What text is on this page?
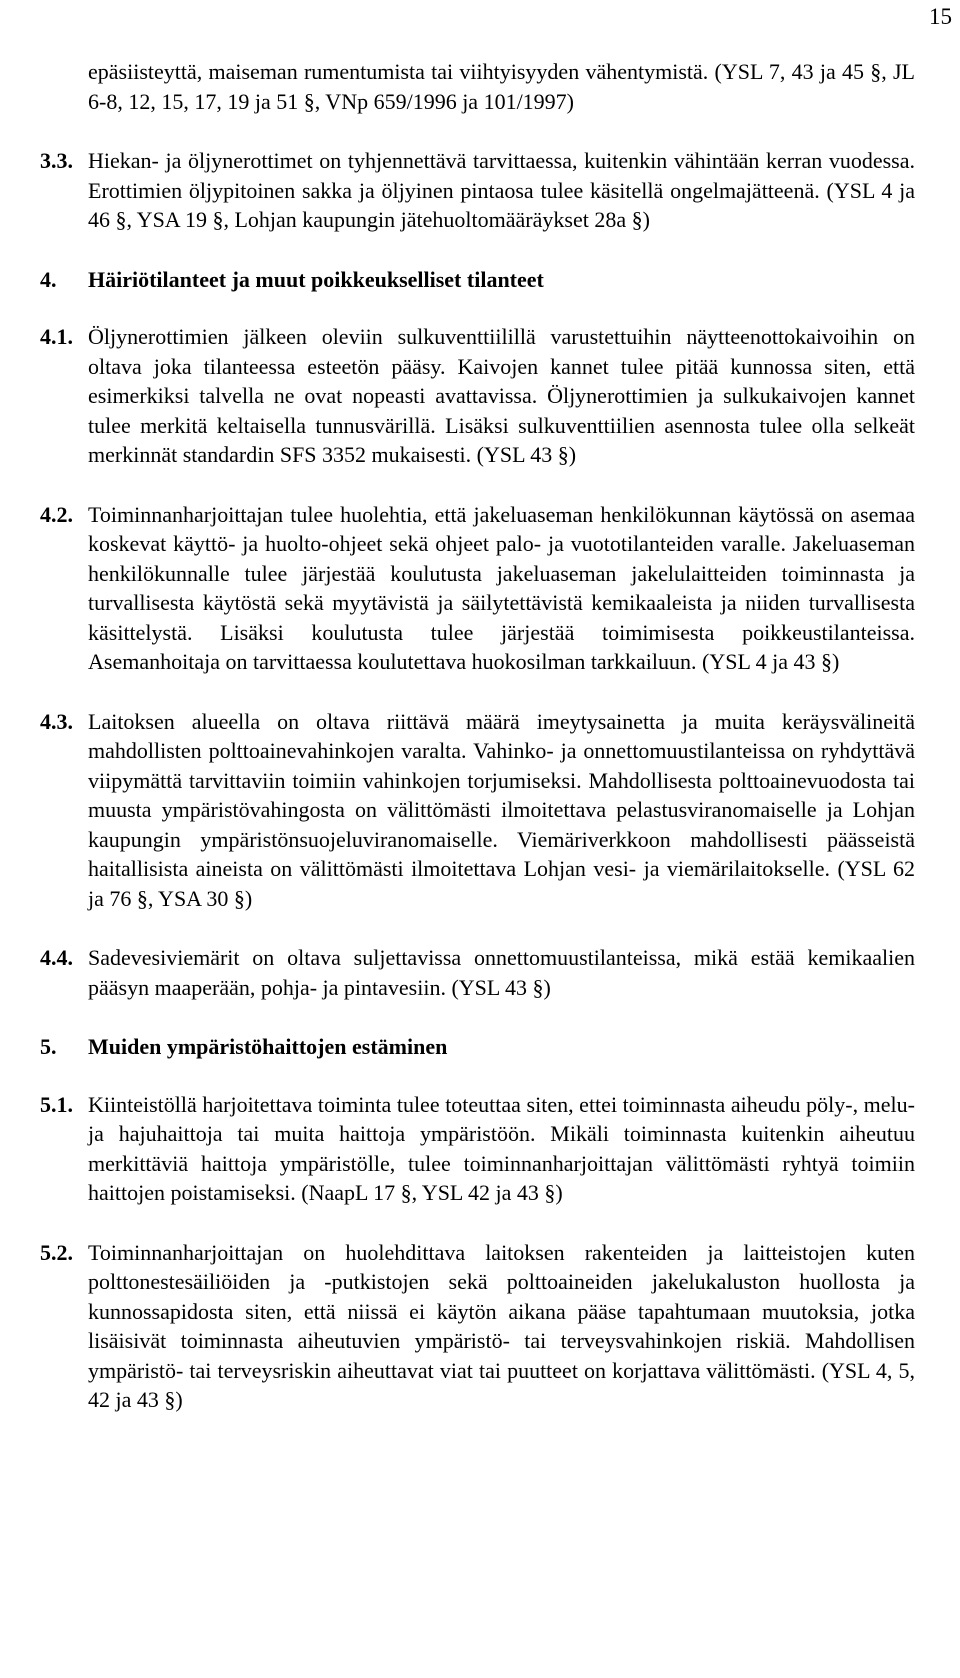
15
epäsiisteyttä, maiseman rumentumista tai viihtyisyyden vähentymistä. (YSL 7, 43 ja 45 §, JL 6-8, 12, 15, 17, 19 ja 51 §, VNp 659/1996 ja 101/1997)
3.3. Hiekan- ja öljynerottimet on tyhjennettävä tarvittaessa, kuitenkin vähintään kerran vuodessa. Erottimien öljypitoinen sakka ja öljyinen pintaosa tulee käsitellä ongelmajätteenä. (YSL 4 ja 46 §, YSA 19 §, Lohjan kaupungin jätehuoltomääräykset 28a §)
4. Häiriötilanteet ja muut poikkeukselliset tilanteet
4.1. Öljynerottimien jälkeen oleviin sulkuventtiilillä varustettuihin näytteenottokaivoihin on oltava joka tilanteessa esteetön pääsy. Kaivojen kannet tulee pitää kunnossa siten, että esimerkiksi talvella ne ovat nopeasti avattavissa. Öljynerottimien ja sulkukaivojen kannet tulee merkitä keltaisella tunnusvärillä. Lisäksi sulkuventtiilien asennosta tulee olla selkeät merkinnät standardin SFS 3352 mukaisesti. (YSL 43 §)
4.2. Toiminnanharjoittajan tulee huolehtia, että jakeluaseman henkilökunnan käytössä on asemaa koskevat käyttö- ja huolto-ohjeet sekä ohjeet palo- ja vuototilanteiden varalle. Jakeluaseman henkilökunnalle tulee järjestää koulutusta jakeluaseman jakelulaitteiden toiminnasta ja turvallisesta käytöstä sekä myytävistä ja säilytettävistä kemikaaleista ja niiden turvallisesta käsittelystä. Lisäksi koulutusta tulee järjestää toimimisesta poikkeustilanteissa. Asemanhoitaja on tarvittaessa koulutettava huokosilman tarkkailuun. (YSL 4 ja 43 §)
4.3. Laitoksen alueella on oltava riittävä määrä imeytysainetta ja muita keräysvälineitä mahdollisten polttoainevahinkojen varalta. Vahinko- ja onnettomuustilanteissa on ryhdyttävä viipymättä tarvittaviin toimiin vahinkojen torjumiseksi. Mahdollisesta polttoainevuodosta tai muusta ympäristövahingosta on välittömästi ilmoitettava pelastusviranomaiselle ja Lohjan kaupungin ympäristönsuojeluviranomaiselle. Viemäriverkkoon mahdollisesti päässeistä haitallisista aineista on välittömästi ilmoitettava Lohjan vesi- ja viemärilaitokselle. (YSL 62 ja 76 §, YSA 30 §)
4.4. Sadevesiviemärit on oltava suljettavissa onnettomuustilanteissa, mikä estää kemikaalien pääsyn maaperään, pohja- ja pintavesiin. (YSL 43 §)
5. Muiden ympäristöhaittojen estäminen
5.1. Kiinteistöllä harjoitettava toiminta tulee toteuttaa siten, ettei toiminnasta aiheudu pöly-, melu- ja hajuhaittoja tai muita haittoja ympäristöön. Mikäli toiminnasta kuitenkin aiheutuu merkittäviä haittoja ympäristölle, tulee toiminnanharjoittajan välittömästi ryhtyä toimiin haittojen poistamiseksi. (NaapL 17 §, YSL 42 ja 43 §)
5.2. Toiminnanharjoittajan on huolehdittava laitoksen rakenteiden ja laitteistojen kuten polttonestesäiliöiden ja -putkistojen sekä polttoaineiden jakelukaluston huollosta ja kunnossapidosta siten, että niissä ei käytön aikana pääse tapahtumaan muutoksia, jotka lisäisivät toiminnasta aiheutuvien ympäristö- tai terveysvahinkojen riskiä. Mahdollisen ympäristö- tai terveysriskin aiheuttavat viat tai puutteet on korjattava välittömästi. (YSL 4, 5, 42 ja 43 §)
